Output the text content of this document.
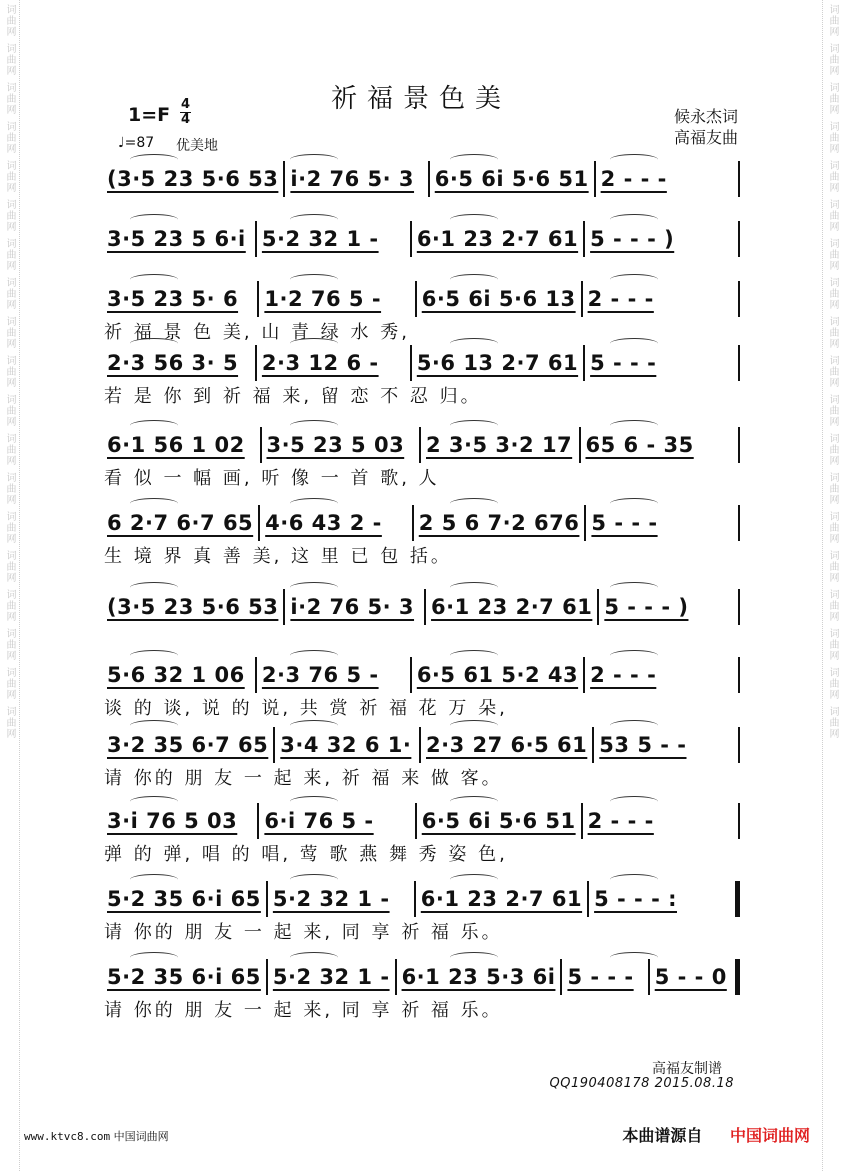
词曲网
词曲网
词曲网
词曲网
词曲网
词曲网
词曲网
词曲网
词曲网
词曲网
词曲网
词曲网
词曲网
词曲网
词曲网
词曲网
词曲网
词曲网
词曲网
词曲网
词曲网
词曲网
词曲网
词曲网
词曲网
词曲网
词曲网
词曲网
词曲网
词曲网
词曲网
词曲网
词曲网
词曲网
词曲网
词曲网
词曲网
词曲网
祈福景色美
1=F 4
4
♩=87 优美地
候永杰词
高福友曲
(3·5 23 5·6 53 i·2 76 5· 3 6·5 6i 5·6 51 2 - - -
3·5 23 5 6·i 5·2 32 1 -	6·1 23 2·7 61 5 - - - )
3·5 23 5· 6	1·2 76 5 -	6·5 6i 5·6 13 2 - - -
祈 福 景 色 美, 山 青 绿 水 秀,
2·3 56 3· 5	2·3 12 6 -	5·6 13 2·7 61 5 - - -
若 是 你 到 祈 福 来, 留 恋 不 忍 归。
6·1 56 1 02	3·5 23 5 03	2 3·5 3·2 17 65 6 - 35
看 似 一 幅 画, 听 像 一 首 歌, 人
6 2·7 6·7 65 4·6 43 2 -	2 5 6 7·2 676 5 - - -
生 境 界 真 善 美, 这 里 已 包 括。
(3·5 23 5·6 53 i·2 76 5· 3 6·1 23 2·7 61 5 - - - )
5·6 32 1 06 2·3 76 5 -	6·5 61 5·2 43 2 - - -
谈 的 谈, 说 的 说, 共 赏 祈 福 花 万 朵,
3·2 35 6·7 65 3·4 32 6 1· 2·3 27 6·5 61 53 5 - -
请 你的 朋 友 一 起 来, 祈 福 来 做 客。
3·i 76 5 03	6·i 76 5 -	6·5 6i 5·6 51 2 - - -
弹 的 弹, 唱 的 唱, 莺 歌 燕 舞 秀 姿 色,
5·2 35 6·i 65 5·2 32 1 -	6·1 23 2·7 61 5 - - - :
请 你的 朋 友 一 起 来, 同 享 祈 福 乐。
5·2 35 6·i 65 5·2 32 1 - 6·1 23 5·3 6i 5 - - -	5 - - 0
请 你的 朋 友 一 起 来, 同 享 祈 福 乐。
高福友制谱
QQ190408178 2015.08.18
www.ktvc8.com 中国词曲网	本曲谱源自 中国词曲网
